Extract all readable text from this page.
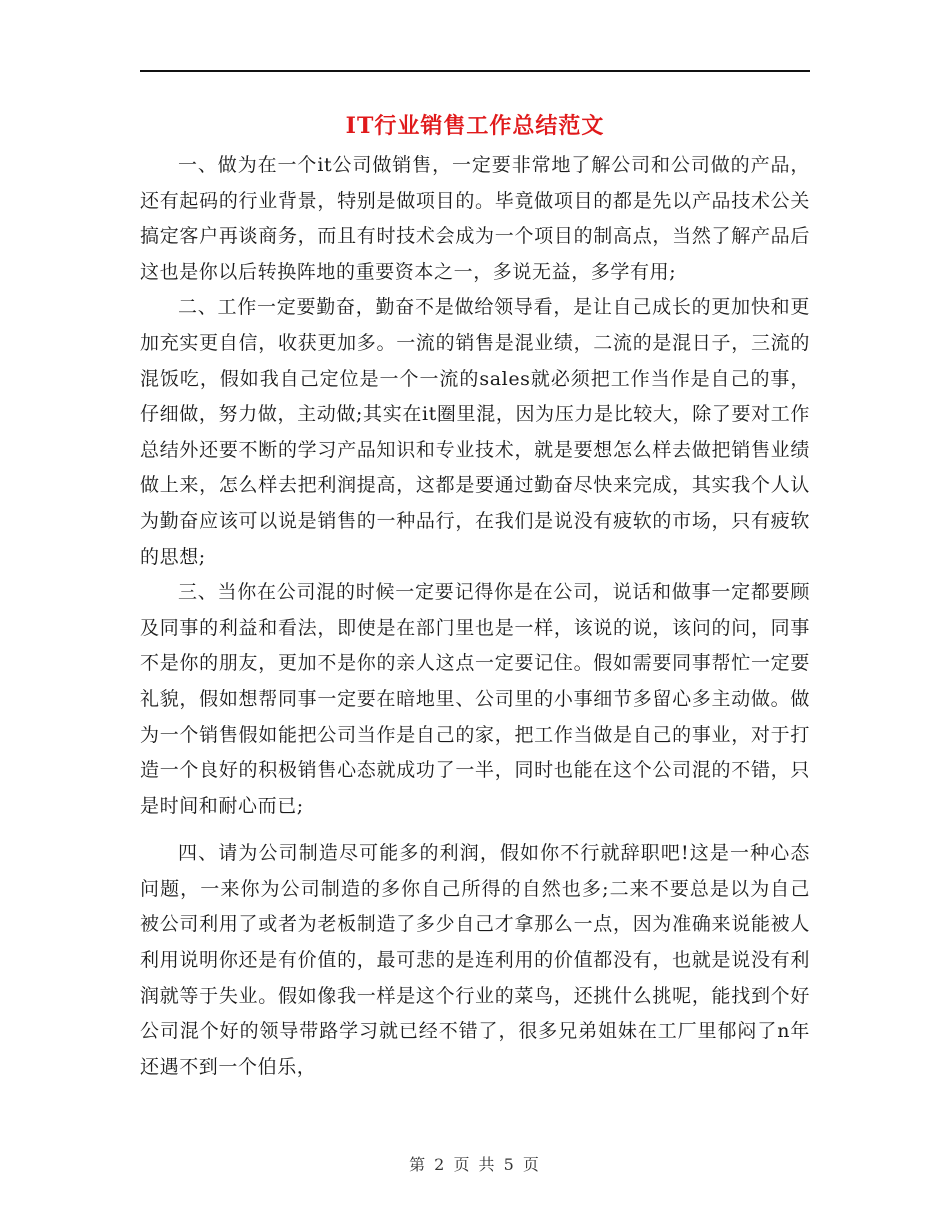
IT行业销售工作总结范文

一、做为在一个it公司做销售，一定要非常地了解公司和公司做的产品，还有起码的行业背景，特别是做项目的。毕竟做项目的都是先以产品技术公关搞定客户再谈商务，而且有时技术会成为一个项目的制高点，当然了解产品后这也是你以后转换阵地的重要资本之一，多说无益，多学有用;

二、工作一定要勤奋，勤奋不是做给领导看，是让自己成长的更加快和更加充实更自信，收获更加多。一流的销售是混业绩，二流的是混日子，三流的混饭吃，假如我自己定位是一个一流的sales就必须把工作当作是自己的事，仔细做，努力做，主动做;其实在it圈里混，因为压力是比较大，除了要对工作总结外还要不断的学习产品知识和专业技术，就是要想怎么样去做把销售业绩做上来，怎么样去把利润提高，这都是要通过勤奋尽快来完成，其实我个人认为勤奋应该可以说是销售的一种品行，在我们是说没有疲软的市场，只有疲软的思想;

三、当你在公司混的时候一定要记得你是在公司，说话和做事一定都要顾及同事的利益和看法，即使是在部门里也是一样，该说的说，该问的问，同事不是你的朋友，更加不是你的亲人这点一定要记住。假如需要同事帮忙一定要礼貌，假如想帮同事一定要在暗地里、公司里的小事细节多留心多主动做。做为一个销售假如能把公司当作是自己的家，把工作当做是自己的事业，对于打造一个良好的积极销售心态就成功了一半，同时也能在这个公司混的不错，只是时间和耐心而已;

四、请为公司制造尽可能多的利润，假如你不行就辞职吧!这是一种心态问题，一来你为公司制造的多你自己所得的自然也多;二来不要总是以为自己被公司利用了或者为老板制造了多少自己才拿那么一点，因为准确来说能被人利用说明你还是有价值的，最可悲的是连利用的价值都没有，也就是说没有利润就等于失业。假如像我一样是这个行业的菜鸟，还挑什么挑呢，能找到个好公司混个好的领导带路学习就已经不错了，很多兄弟姐妹在工厂里郁闷了n年还遇不到一个伯乐，

第 2 页 共 5 页
